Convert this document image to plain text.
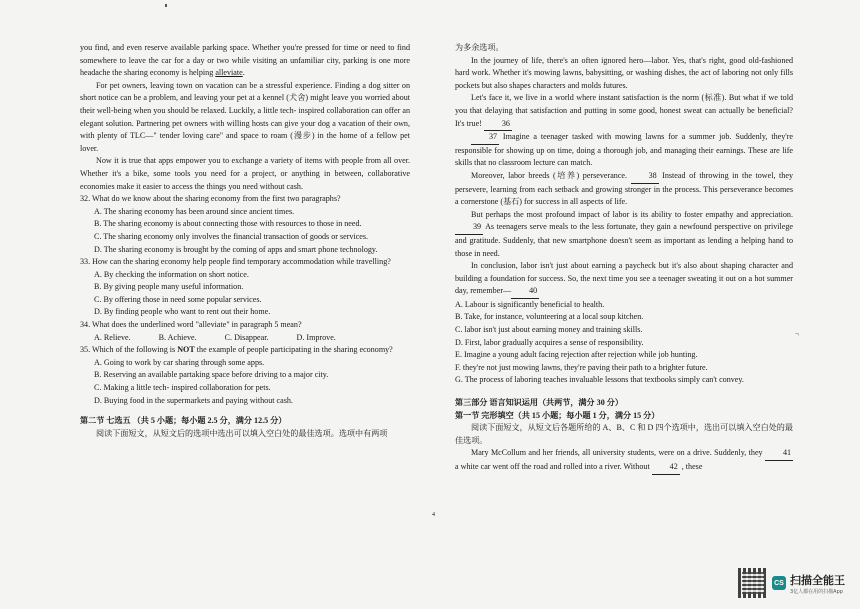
you find, and even reserve available parking space. Whether you're pressed for time or need to find somewhere to leave the car for a day or two while visiting an unfamiliar city, parking is one more headache the sharing economy is helping alleviate.

For pet owners, leaving town on vacation can be a stressful experience. Finding a dog sitter on short notice can be a problem, and leaving your pet at a kennel (犬舍) might leave you worried about their well-being when you should be relaxed. Luckily, a little tech- inspired collaboration can offer an elegant solution. Partnering pet owners with willing hosts can give your dog a vacation of their own, with plenty of TLC—" tender loving care" and space to roam (漫步) in the home of a fellow pet lover.

Now it is true that apps empower you to exchange a variety of items with people from all over. Whether it's a bike, some tools you need for a project, or anything in between, collaborative economies make it easier to access the things you need without cash.

32. What do we know about the sharing economy from the first two paragraphs?

A. The sharing economy has been around since ancient times.

B. The sharing economy is about connecting those with resources to those in need.

C. The sharing economy only involves the financial transaction of goods or services.

D. The sharing economy is brought by the coming of apps and smart phone technology.

33. How can the sharing economy help people find temporary accommodation while travelling?

A. By checking the information on short notice.

B. By giving people many useful information.

C. By offering those in need some popular services.

D. By finding people who want to rent out their home.

34. What does the underlined word "alleviate" in paragraph 5 mean?

A. Relieve.	B. Achieve.	C. Disappear.	D. Improve.

35. Which of the following is NOT the example of people participating in the sharing economy?

A. Going to work by car sharing through some apps.

B. Reserving an available partaking space before driving to a major city.

C. Making a little tech- inspired collaboration for pets.

D. Buying food in the supermarkets and paying without cash.

第二节 七选五 （共 5 小题；每小题 2.5 分，满分 12.5 分）

阅读下面短文，从短文后的选项中选出可以填入空白处的最佳选项。选项中有两项

为多余选项。

In the journey of life, there's an often ignored hero—labor. Yes, that's right, good old-fashioned hard work. Whether it's mowing lawns, babysitting, or washing dishes, the act of laboring not only fills pockets but also shapes characters and molds futures.

Let's face it, we live in a world where instant satisfaction is the norm (标准). But what if we told you that delaying that satisfaction and putting in some good, honest sweat can actually be beneficial? It's true! 36

37 Imagine a teenager tasked with mowing lawns for a summer job. Suddenly, they're responsible for showing up on time, doing a thorough job, and managing their earnings. These are life skills that no classroom lecture can match.

Moreover, labor breeds (培养) perseverance. 38 Instead of throwing in the towel, they persevere, learning from each setback and growing stronger in the process. This perseverance becomes a cornerstone (基石) for success in all aspects of life.

But perhaps the most profound impact of labor is its ability to foster empathy and appreciation. 39 As teenagers serve meals to the less fortunate, they gain a newfound perspective on privilege and gratitude. Suddenly, that new smartphone doesn't seem as important as lending a helping hand to those in need.

In conclusion, labor isn't just about earning a paycheck but it's also about shaping character and building a foundation for success. So, the next time you see a teenager sweating it out on a hot summer day, remember— 40

A. Labour is significantly beneficial to health.

B. Take, for instance, volunteering at a local soup kitchen.

C. labor isn't just about earning money and training skills.

D. First, labor gradually acquires a sense of responsibility.

E. Imagine a young adult facing rejection after rejection while job hunting.

F. they're not just mowing lawns, they're paving their path to a brighter future.

G. The process of laboring teaches invaluable lessons that textbooks simply can't convey.

第三部分 语言知识运用（共两节，满分 30 分）

第一节 完形填空（共 15 小题；每小题 1 分，满分 15 分）

阅读下面短文，从短文后各题所给的 A、B、C 和 D 四个选项中，选出可以填入空白处的最佳选项。

Mary McCollum and her friends, all university students, were on a drive. Suddenly, they 41 a white car went off the road and rolled into a river. Without 42 , these

¬
4
CS 扫描全能王
3亿人都在用的扫描App
